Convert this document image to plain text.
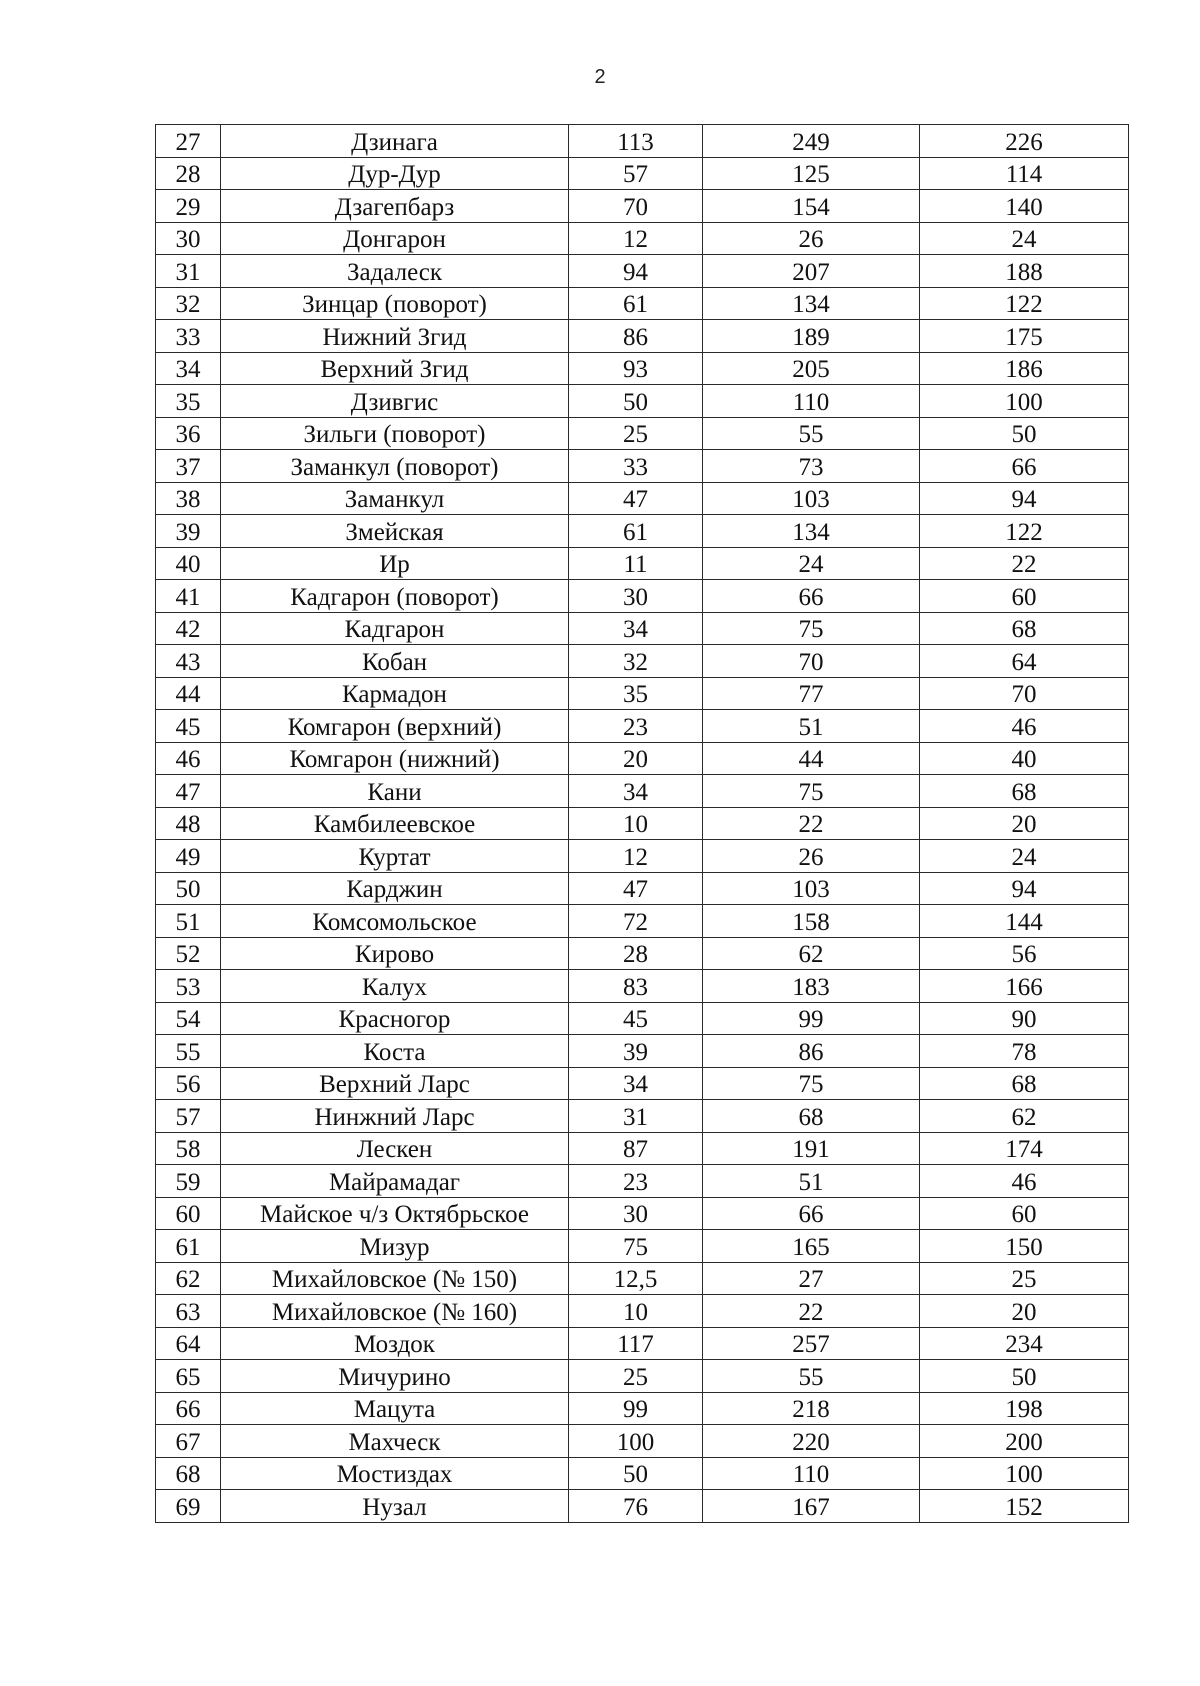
2
27	Дзинага	113	249	226
28	Дур-Дур	57	125	114
29	Дзагепбарз	70	154	140
30	Донгарон	12	26	24
31	Задалеск	94	207	188
32	Зинцар (поворот)	61	134	122
33	Нижний Згид	86	189	175
34	Верхний Згид	93	205	186
35	Дзивгис	50	110	100
36	Зильги (поворот)	25	55	50
37	Заманкул (поворот)	33	73	66
38	Заманкул	47	103	94
39	Змейская	61	134	122
40	Ир	11	24	22
41	Кадгарон (поворот)	30	66	60
42	Кадгарон	34	75	68
43	Кобан	32	70	64
44	Кармадон	35	77	70
45	Комгарон (верхний)	23	51	46
46	Комгарон (нижний)	20	44	40
47	Кани	34	75	68
48	Камбилеевское	10	22	20
49	Куртат	12	26	24
50	Карджин	47	103	94
51	Комсомольское	72	158	144
52	Кирово	28	62	56
53	Калух	83	183	166
54	Красногор	45	99	90
55	Коста	39	86	78
56	Верхний Ларс	34	75	68
57	Нинжний Ларс	31	68	62
58	Лескен	87	191	174
59	Майрамадаг	23	51	46
60	Майское ч/з Октябрьское	30	66	60
61	Мизур	75	165	150
62	Михайловское (№ 150)	12,5	27	25
63	Михайловское (№ 160)	10	22	20
64	Моздок	117	257	234
65	Мичурино	25	55	50
66	Мацута	99	218	198
67	Махческ	100	220	200
68	Мостиздах	50	110	100
69	Нузал	76	167	152
